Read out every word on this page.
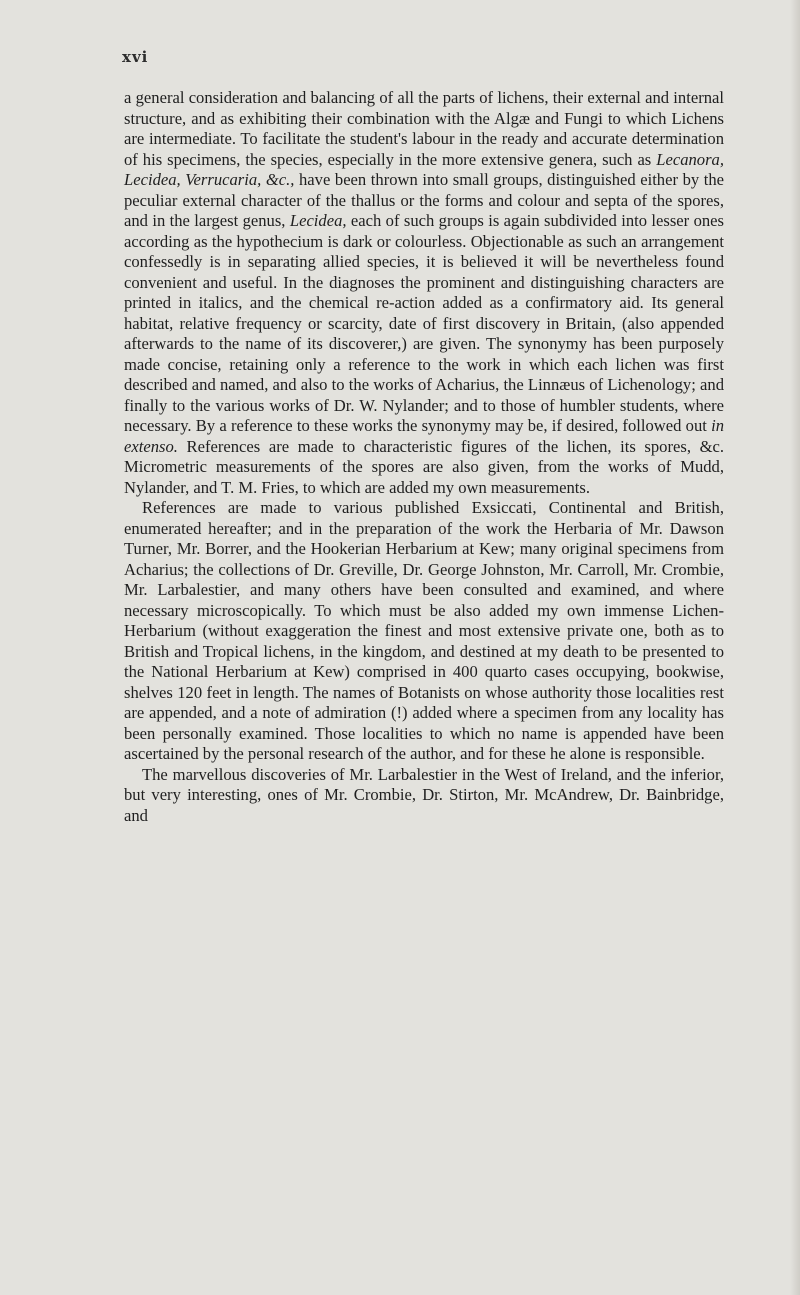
xvi

a general consideration and balancing of all the parts of lichens, their external and internal structure, and as exhibiting their combination with the Algæ and Fungi to which Lichens are intermediate. To facilitate the student's labour in the ready and accurate determination of his specimens, the species, especially in the more extensive genera, such as Lecanora, Lecidea, Verrucaria, &c., have been thrown into small groups, distinguished either by the peculiar external character of the thallus or the forms and colour and septa of the spores, and in the largest genus, Lecidea, each of such groups is again subdivided into lesser ones according as the hypothecium is dark or colourless. Objectionable as such an arrangement confessedly is in separating allied species, it is believed it will be nevertheless found convenient and useful. In the diagnoses the prominent and distinguishing characters are printed in italics, and the chemical re-action added as a confirmatory aid. Its general habitat, relative frequency or scarcity, date of first discovery in Britain, (also appended afterwards to the name of its discoverer,) are given. The synonymy has been purposely made concise, retaining only a reference to the work in which each lichen was first described and named, and also to the works of Acharius, the Linnæus of Lichenology; and finally to the various works of Dr. W. Nylander; and to those of humbler students, where necessary. By a reference to these works the synonymy may be, if desired, followed out in extenso. References are made to characteristic figures of the lichen, its spores, &c. Micrometric measurements of the spores are also given, from the works of Mudd, Nylander, and T. M. Fries, to which are added my own measurements.

References are made to various published Exsiccati, Continental and British, enumerated hereafter; and in the preparation of the work the Herbaria of Mr. Dawson Turner, Mr. Borrer, and the Hookerian Herbarium at Kew; many original specimens from Acharius; the collections of Dr. Greville, Dr. George Johnston, Mr. Carroll, Mr. Crombie, Mr. Larbalestier, and many others have been consulted and examined, and where necessary microscopically. To which must be also added my own immense Lichen-Herbarium (without exaggeration the finest and most extensive private one, both as to British and Tropical lichens, in the kingdom, and destined at my death to be presented to the National Herbarium at Kew) comprised in 400 quarto cases occupying, bookwise, shelves 120 feet in length. The names of Botanists on whose authority those localities rest are appended, and a note of admiration (!) added where a specimen from any locality has been personally examined. Those localities to which no name is appended have been ascertained by the personal research of the author, and for these he alone is responsible.

The marvellous discoveries of Mr. Larbalestier in the West of Ireland, and the inferior, but very interesting, ones of Mr. Crombie, Dr. Stirton, Mr. McAndrew, Dr. Bainbridge, and
